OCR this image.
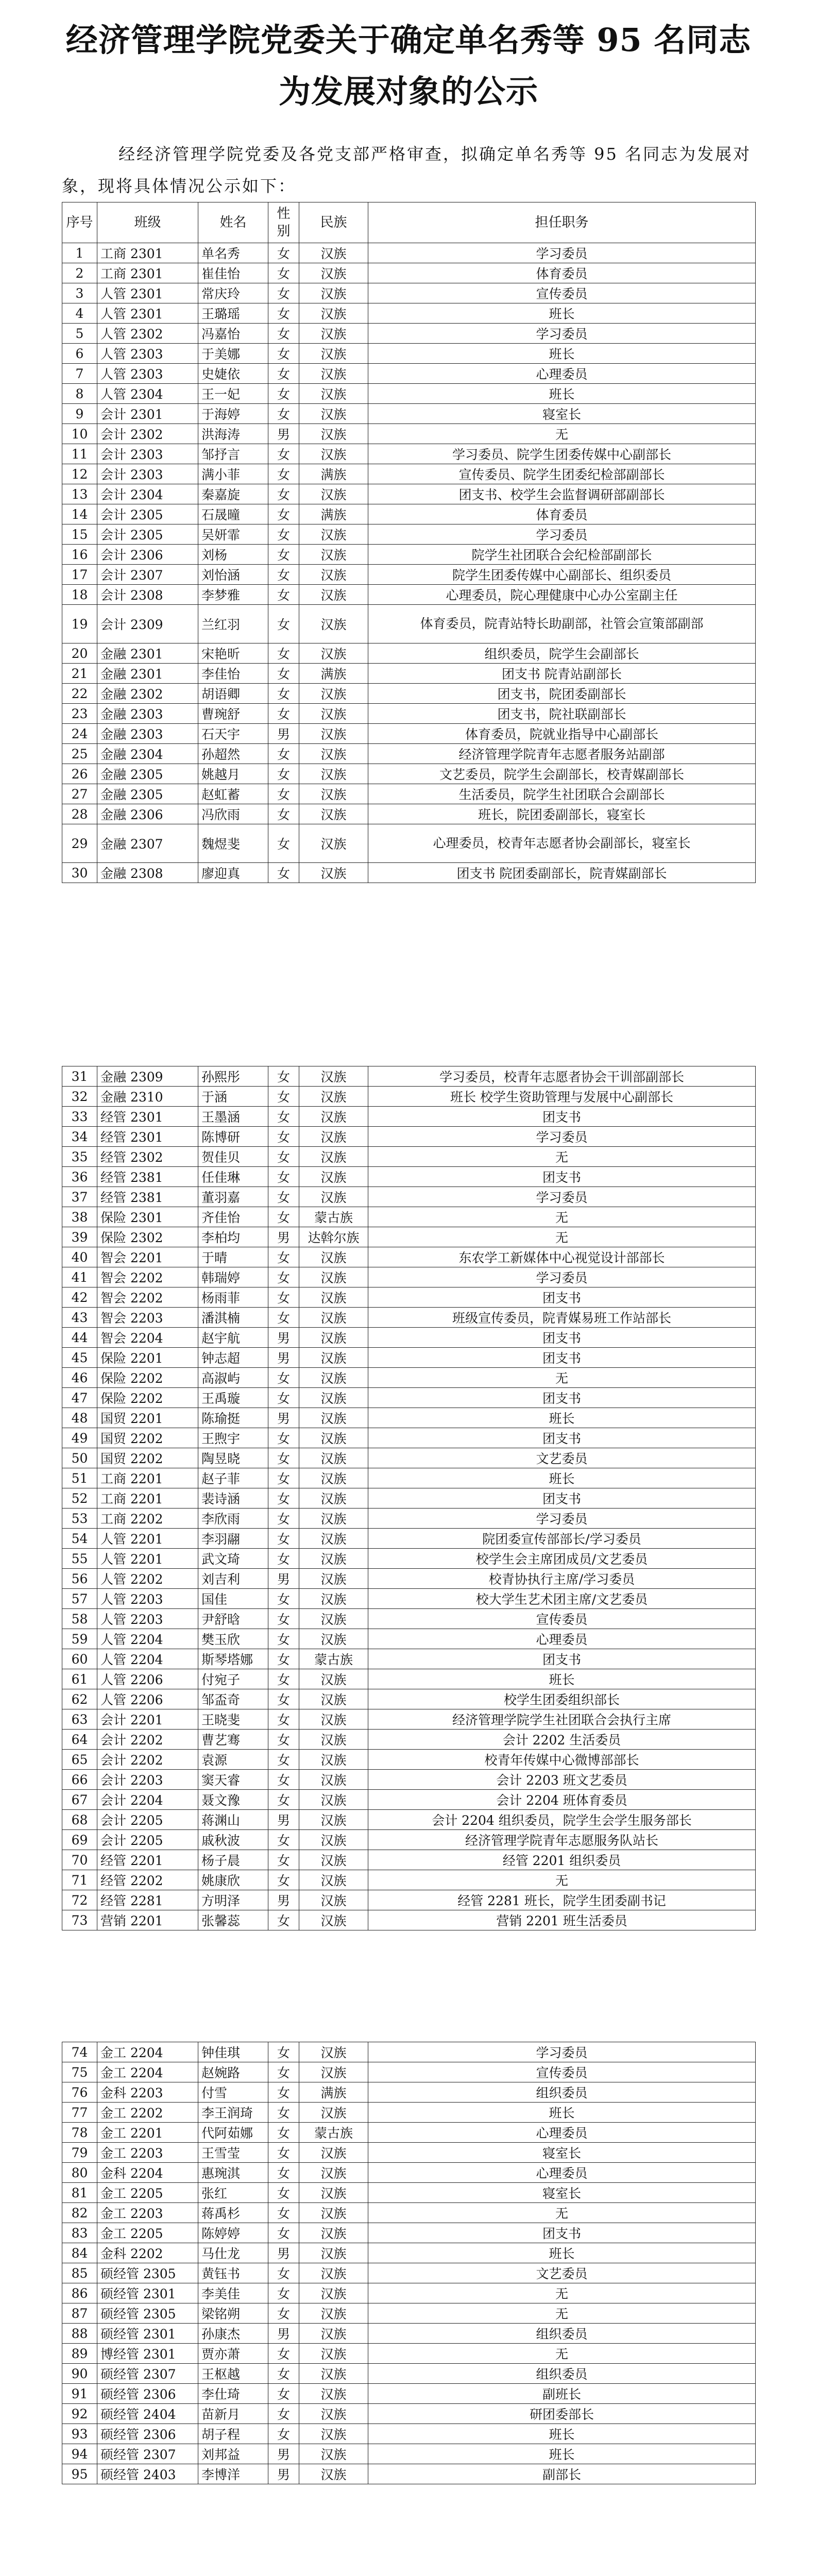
经济管理学院党委关于确定单名秀等 95 名同志为发展对象的公示
经经济管理学院党委及各党支部严格审查，拟确定单名秀等 95 名同志为发展对象，现将具体情况公示如下：
序号	班级	姓名	性别	民族	担任职务
1	工商 2301	单名秀	女	汉族	学习委员
2	工商 2301	崔佳怡	女	汉族	体育委员
3	人管 2301	常庆玲	女	汉族	宣传委员
4	人管 2301	王璐瑶	女	汉族	班长
5	人管 2302	冯嘉怡	女	汉族	学习委员
6	人管 2303	于美娜	女	汉族	班长
7	人管 2303	史婕依	女	汉族	心理委员
8	人管 2304	王一妃	女	汉族	班长
9	会计 2301	于海婷	女	汉族	寝室长
10	会计 2302	洪海涛	男	汉族	无
11	会计 2303	邹抒言	女	汉族	学习委员、院学生团委传媒中心副部长
12	会计 2303	满小菲	女	满族	宣传委员、院学生团委纪检部副部长
13	会计 2304	秦嘉旋	女	汉族	团支书、校学生会监督调研部副部长
14	会计 2305	石晟曈	女	满族	体育委员
15	会计 2305	吴妍霏	女	汉族	学习委员
16	会计 2306	刘杨	女	汉族	院学生社团联合会纪检部副部长
17	会计 2307	刘怡涵	女	汉族	院学生团委传媒中心副部长、组织委员
18	会计 2308	李梦雅	女	汉族	心理委员，院心理健康中心办公室副主任
19	会计 2309	兰红羽	女	汉族	体育委员，院青站特长助副部，社管会宣策部副部
20	金融 2301	宋艳昕	女	汉族	组织委员，院学生会副部长
21	金融 2301	李佳怡	女	满族	团支书 院青站副部长
22	金融 2302	胡语卿	女	汉族	团支书，院团委副部长
23	金融 2303	曹琬舒	女	汉族	团支书，院社联副部长
24	金融 2303	石天宇	男	汉族	体育委员，院就业指导中心副部长
25	金融 2304	孙超然	女	汉族	经济管理学院青年志愿者服务站副部
26	金融 2305	姚越月	女	汉族	文艺委员，院学生会副部长，校青媒副部长
27	金融 2305	赵虹蓄	女	汉族	生活委员，院学生社团联合会副部长
28	金融 2306	冯欣雨	女	汉族	班长，院团委副部长，寝室长
29	金融 2307	魏煜斐	女	汉族	心理委员，校青年志愿者协会副部长，寝室长
30	金融 2308	廖迎真	女	汉族	团支书 院团委副部长，院青媒副部长
31	金融 2309	孙熙彤	女	汉族	学习委员，校青年志愿者协会干训部副部长
32	金融 2310	于涵	女	汉族	班长 校学生资助管理与发展中心副部长
33	经管 2301	王墨涵	女	汉族	团支书
34	经管 2301	陈博研	女	汉族	学习委员
35	经管 2302	贺佳贝	女	汉族	无
36	经管 2381	任佳琳	女	汉族	团支书
37	经管 2381	董羽嘉	女	汉族	学习委员
38	保险 2301	齐佳怡	女	蒙古族	无
39	保险 2302	李柏均	男	达斡尔族	无
40	智会 2201	于晴	女	汉族	东农学工新媒体中心视觉设计部部长
41	智会 2202	韩瑞婷	女	汉族	学习委员
42	智会 2202	杨雨菲	女	汉族	团支书
43	智会 2203	潘淇楠	女	汉族	班级宣传委员，院青媒易班工作站部长
44	智会 2204	赵宇航	男	汉族	团支书
45	保险 2201	钟志超	男	汉族	团支书
46	保险 2202	高淑屿	女	汉族	无
47	保险 2202	王禹璇	女	汉族	团支书
48	国贸 2201	陈瑜挺	男	汉族	班长
49	国贸 2202	王煦宇	女	汉族	团支书
50	国贸 2202	陶昱晓	女	汉族	文艺委员
51	工商 2201	赵子菲	女	汉族	班长
52	工商 2201	裴诗涵	女	汉族	团支书
53	工商 2202	李欣雨	女	汉族	学习委员
54	人管 2201	李羽翮	女	汉族	院团委宣传部部长/学习委员
55	人管 2201	武文琦	女	汉族	校学生会主席团成员/文艺委员
56	人管 2202	刘吉利	男	汉族	校青协执行主席/学习委员
57	人管 2203	国佳	女	汉族	校大学生艺术团主席/文艺委员
58	人管 2203	尹舒晗	女	汉族	宣传委员
59	人管 2204	樊玉欣	女	汉族	心理委员
60	人管 2204	斯琴塔娜	女	蒙古族	团支书
61	人管 2206	付宛子	女	汉族	班长
62	人管 2206	邹盃奇	女	汉族	校学生团委组织部长
63	会计 2201	王晓斐	女	汉族	经济管理学院学生社团联合会执行主席
64	会计 2202	曹艺骞	女	汉族	会计 2202 生活委员
65	会计 2202	袁源	女	汉族	校青年传媒中心微博部部长
66	会计 2203	窦天睿	女	汉族	会计 2203 班文艺委员
67	会计 2204	聂文豫	女	汉族	会计 2204 班体育委员
68	会计 2205	蒋渊山	男	汉族	会计 2204 组织委员，院学生会学生服务部长
69	会计 2205	戚秋波	女	汉族	经济管理学院青年志愿服务队站长
70	经管 2201	杨子晨	女	汉族	经管 2201 组织委员
71	经管 2202	姚康欣	女	汉族	无
72	经管 2281	方明泽	男	汉族	经管 2281 班长，院学生团委副书记
73	营销 2201	张馨蕊	女	汉族	营销 2201 班生活委员
74	金工 2204	钟佳琪	女	汉族	学习委员
75	金工 2204	赵婉路	女	汉族	宣传委员
76	金科 2203	付雪	女	满族	组织委员
77	金工 2202	李王润琦	女	汉族	班长
78	金工 2201	代阿茹娜	女	蒙古族	心理委员
79	金工 2203	王雪莹	女	汉族	寝室长
80	金科 2204	惠琬淇	女	汉族	心理委员
81	金工 2205	张红	女	汉族	寝室长
82	金工 2203	蒋禹杉	女	汉族	无
83	金工 2205	陈婷婷	女	汉族	团支书
84	金科 2202	马仕龙	男	汉族	班长
85	硕经管 2305	黄钰书	女	汉族	文艺委员
86	硕经管 2301	李美佳	女	汉族	无
87	硕经管 2305	梁铭朔	女	汉族	无
88	硕经管 2301	孙康杰	男	汉族	组织委员
89	博经管 2301	贾亦萧	女	汉族	无
90	硕经管 2307	王枢越	女	汉族	组织委员
91	硕经管 2306	李仕琦	女	汉族	副班长
92	硕经管 2404	苗新月	女	汉族	研团委部长
93	硕经管 2306	胡子程	女	汉族	班长
94	硕经管 2307	刘邦益	男	汉族	班长
95	硕经管 2403	李博洋	男	汉族	副部长
